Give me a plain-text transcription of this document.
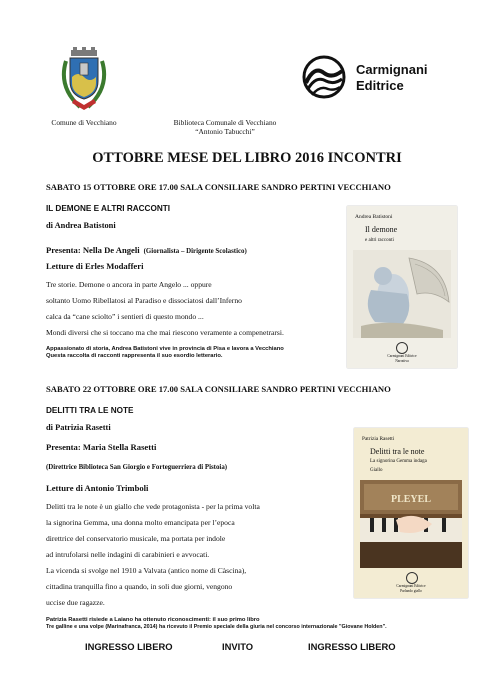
Comune di Vecchiano	Biblioteca Comunale di Vecchiano
“Antonio Tabucchi”
Carmignani
Editrice
OTTOBRE MESE DEL LIBRO 2016 INCONTRI
SABATO 15 OTTOBRE ORE 17.00 SALA CONSILIARE SANDRO PERTINI VECCHIANO
IL DEMONE E ALTRI RACCONTI
di Andrea Batistoni
Presenta: Nella De Angeli (Giornalista – Dirigente Scolastico)
Letture di Erles Modafferi
Tre storie. Demone o ancora in parte Angelo ... oppure
soltanto Uomo Ribellatosi al Paradiso e dissociatosi dall’Inferno
calca da “cane sciolto” i sentieri di questo mondo ...
Mondi diversi che si toccano ma che mai riescono veramente a compenetrarsi.
Appassionato di storia, Andrea Batistoni vive in provincia di Pisa e lavora a Vecchiano
Questa raccolta di racconti rappresenta il suo esordio letterario.
Andrea Batistoni
Il demone
e altri racconti
Carmignani Editrice
Narrativa
SABATO 22 OTTOBRE ORE 17.00 SALA CONSILIARE SANDRO PERTINI VECCHIANO
DELITTI TRA LE NOTE
di Patrizia Rasetti
Presenta: Maria Stella Rasetti
(Direttrice Biblioteca San Giorgio e Forteguerriera di Pistoia)
Letture di Antonio Trimboli
Delitti tra le note è un giallo che vede protagonista - per la prima volta
la signorina Gemma, una donna molto emancipata per l’epoca
direttrice del conservatorio musicale, ma portata per indole
ad intrufolarsi nelle indagini di carabinieri e avvocati.
La vicenda si svolge nel 1910 a Valvata (antico nome di Càscina),
cittadina tranquilla fino a quando, in soli due giorni, vengono
uccise due ragazze.
Patrizia Rasetti risiede a Laiano ha ottenuto riconoscimenti: il suo primo libro
Tre galline e una volpe (Marinafranca, 2014) ha ricevuto il Premio speciale della giuria nel concorso internazionale "Giovane Holden".
Patrizia Rasetti
Delitti tra le note
La signorina Gemma indaga
Giallo
PLEYEL
Carmignani Editrice
Parlando giallo
INGRESSO LIBERO	INVITO	INGRESSO LIBERO
